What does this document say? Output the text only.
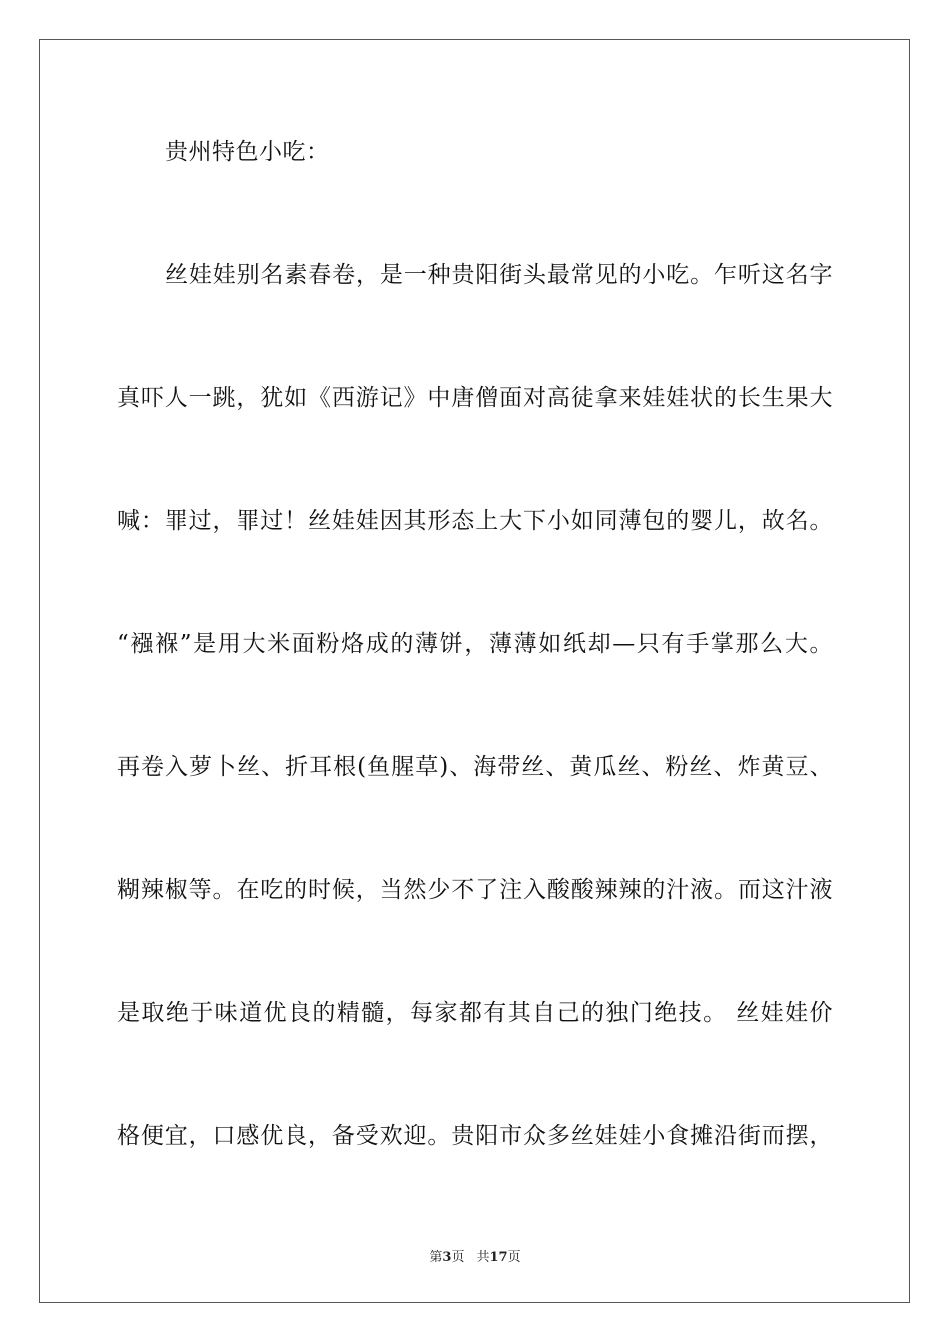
贵州特色小吃：
丝娃娃别名素春卷，是一种贵阳街头最常见的小吃。乍听这名字
真吓人一跳，犹如《西游记》中唐僧面对高徒拿来娃娃状的长生果大
喊：罪过，罪过！丝娃娃因其形态上大下小如同薄包的婴儿，故名。
“襁褓”是用大米面粉烙成的薄饼，薄薄如纸却—只有手掌那么大。
再卷入萝卜丝、折耳根(鱼腥草)、海带丝、黄瓜丝、粉丝、炸黄豆、
糊辣椒等。在吃的时候，当然少不了注入酸酸辣辣的汁液。而这汁液
是取绝于味道优良的精髓，每家都有其自己的独门绝技。 丝娃娃价
格便宜，口感优良，备受欢迎。贵阳市众多丝娃娃小食摊沿街而摆，
第3页 共17页
